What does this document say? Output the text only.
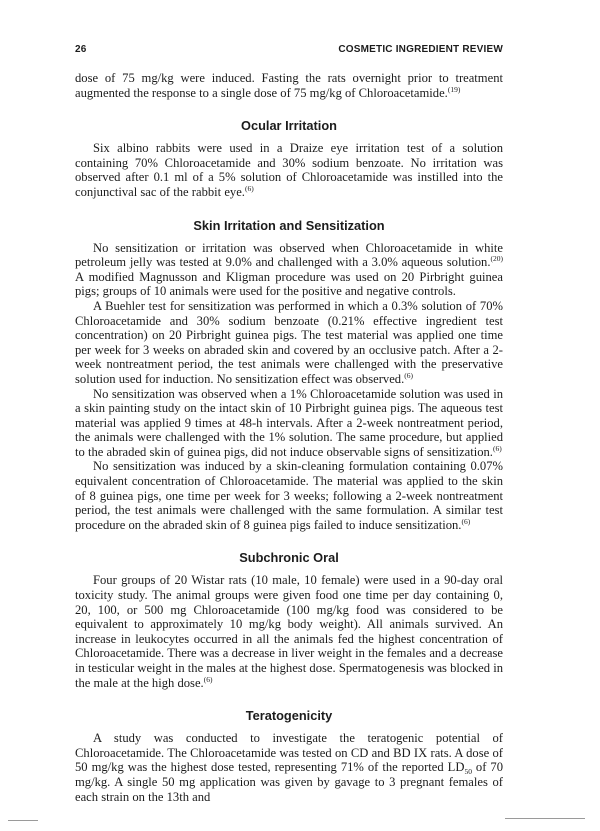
26	COSMETIC INGREDIENT REVIEW

dose of 75 mg/kg were induced. Fasting the rats overnight prior to treatment augmented the response to a single dose of 75 mg/kg of Chloroacetamide.$^{(19)}$

Ocular Irritation

Six albino rabbits were used in a Draize eye irritation test of a solution containing 70% Chloroacetamide and 30% sodium benzoate. No irritation was observed after 0.1 ml of a 5% solution of Chloroacetamide was instilled into the conjunctival sac of the rabbit eye.$^{(6)}$

Skin Irritation and Sensitization

No sensitization or irritation was observed when Chloroacetamide in white petroleum jelly was tested at 9.0% and challenged with a 3.0% aqueous solution.$^{(20)}$ A modified Magnusson and Kligman procedure was used on 20 Pirbright guinea pigs; groups of 10 animals were used for the positive and negative controls.

A Buehler test for sensitization was performed in which a 0.3% solution of 70% Chloroacetamide and 30% sodium benzoate (0.21% effective ingredient test concentration) on 20 Pirbright guinea pigs. The test material was applied one time per week for 3 weeks on abraded skin and covered by an occlusive patch. After a 2-week nontreatment period, the test animals were challenged with the preservative solution used for induction. No sensitization effect was observed.$^{(6)}$

No sensitization was observed when a 1% Chloroacetamide solution was used in a skin painting study on the intact skin of 10 Pirbright guinea pigs. The aqueous test material was applied 9 times at 48-h intervals. After a 2-week nontreatment period, the animals were challenged with the 1% solution. The same procedure, but applied to the abraded skin of guinea pigs, did not induce observable signs of sensitization.$^{(6)}$

No sensitization was induced by a skin-cleaning formulation containing 0.07% equivalent concentration of Chloroacetamide. The material was applied to the skin of 8 guinea pigs, one time per week for 3 weeks; following a 2-week nontreatment period, the test animals were challenged with the same formulation. A similar test procedure on the abraded skin of 8 guinea pigs failed to induce sensitization.$^{(6)}$

Subchronic Oral

Four groups of 20 Wistar rats (10 male, 10 female) were used in a 90-day oral toxicity study. The animal groups were given food one time per day containing 0, 20, 100, or 500 mg Chloroacetamide (100 mg/kg food was considered to be equivalent to approximately 10 mg/kg body weight). All animals survived. An increase in leukocytes occurred in all the animals fed the highest concentration of Chloroacetamide. There was a decrease in liver weight in the females and a decrease in testicular weight in the males at the highest dose. Spermatogenesis was blocked in the male at the high dose.$^{(6)}$

Teratogenicity

A study was conducted to investigate the teratogenic potential of Chloroacetamide. The Chloroacetamide was tested on CD and BD IX rats. A dose of 50 mg/kg was the highest dose tested, representing 71% of the reported $LD_{50}$ of 70 mg/kg. A single 50 mg application was given by gavage to 3 pregnant females of each strain on the 13th and
